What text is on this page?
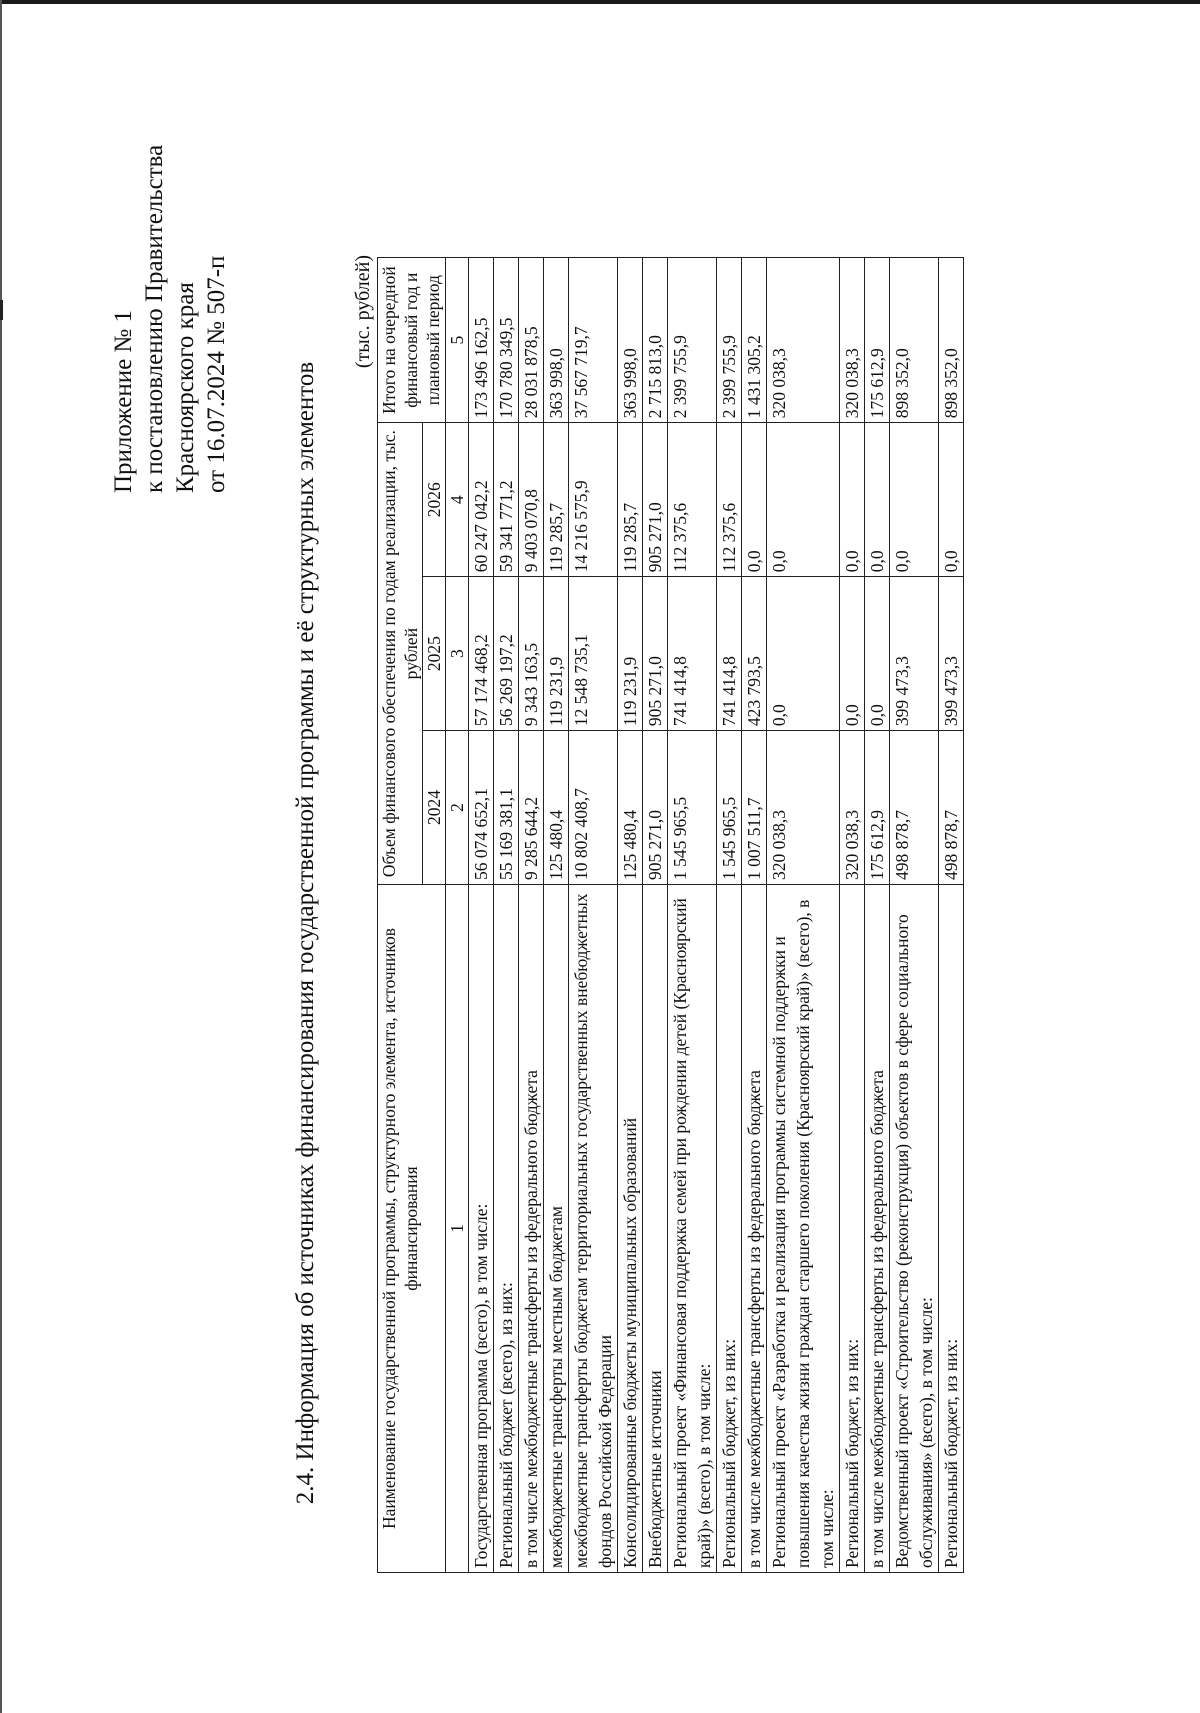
Приложение № 1 к постановлению Правительства Красноярского края от 16.07.2024 № 507-п 2.4. Информация об источниках финансирования государственной программы и её структурных элементов
(тыс. рублей)
Наименование государственной программы, структурного элемента, источников финансирования	Объем финансового обеспечения по годам реализации, тыс. рублей			Итого на очередной финансовый год и плановый период
	2024	2025	2026	
1	2	3	4	5
Государственная программа (всего), в том числе:	56 074 652,1	57 174 468,2	60 247 042,2	173 496 162,5
Региональный бюджет (всего), из них:	55 169 381,1	56 269 197,2	59 341 771,2	170 780 349,5
в том числе межбюджетные трансферты из федерального бюджета	9 285 644,2	9 343 163,5	9 403 070,8	28 031 878,5
межбюджетные трансферты местным бюджетам	125 480,4	119 231,9	119 285,7	363 998,0
межбюджетные трансферты бюджетам территориальных государственных внебюджетных фондов Российской Федерации	10 802 408,7	12 548 735,1	14 216 575,9	37 567 719,7
Консолидированные бюджеты муниципальных образований	125 480,4	119 231,9	119 285,7	363 998,0
Внебюджетные источники	905 271,0	905 271,0	905 271,0	2 715 813,0
Региональный проект «Финансовая поддержка семей при рождении детей (Красноярский край)» (всего), в том числе:	1 545 965,5	741 414,8	112 375,6	2 399 755,9
Региональный бюджет, из них:	1 545 965,5	741 414,8	112 375,6	2 399 755,9
в том числе межбюджетные трансферты из федерального бюджета	1 007 511,7	423 793,5	0,0	1 431 305,2
Региональный проект «Разработка и реализация программы системной поддержки и повышения качества жизни граждан старшего поколения (Красноярский край)» (всего), в том числе:	320 038,3	0,0	0,0	320 038,3
Региональный бюджет, из них:	320 038,3	0,0	0,0	320 038,3
в том числе межбюджетные трансферты из федерального бюджета	175 612,9	0,0	0,0	175 612,9
Ведомственный проект «Строительство (реконструкция) объектов в сфере социального обслуживания» (всего), в том числе:	498 878,7	399 473,3	0,0	898 352,0
Региональный бюджет, из них:	498 878,7	399 473,3	0,0	898 352,0
